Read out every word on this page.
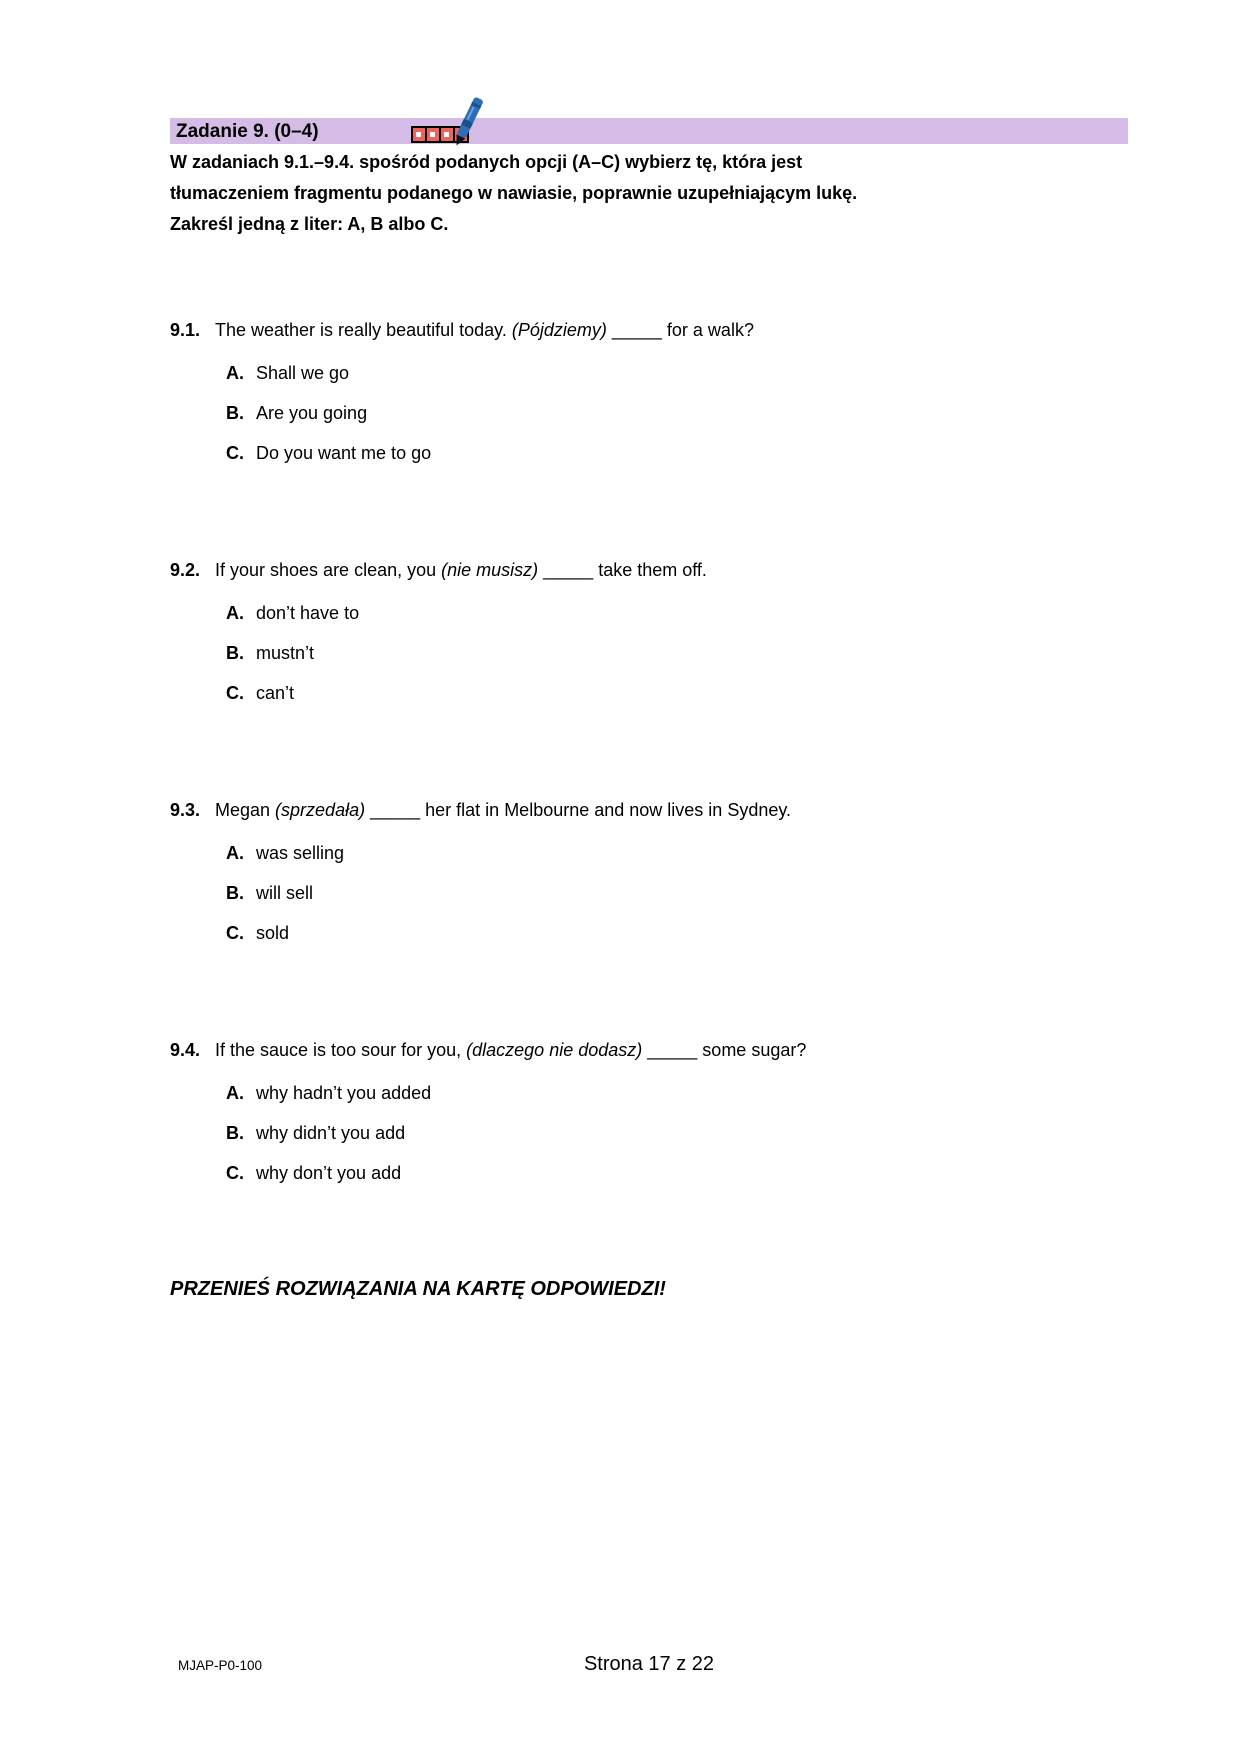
Zadanie 9. (0–4)
W zadaniach 9.1.–9.4. spośród podanych opcji (A–C) wybierz tę, która jest
tłumaczeniem fragmentu podanego w nawiasie, poprawnie uzupełniającym lukę.
Zakreśl jedną z liter: A, B albo C.
9.1. The weather is really beautiful today. (Pójdziemy) _____ for a walk?
A. Shall we go
B. Are you going
C. Do you want me to go
9.2. If your shoes are clean, you (nie musisz) _____ take them off.
A. don’t have to
B. mustn’t
C. can’t
9.3. Megan (sprzedała) _____ her flat in Melbourne and now lives in Sydney.
A. was selling
B. will sell
C. sold
9.4. If the sauce is too sour for you, (dlaczego nie dodasz) _____ some sugar?
A. why hadn’t you added
B. why didn’t you add
C. why don’t you add
PRZENIEŚ ROZWIĄZANIA NA KARTĘ ODPOWIEDZI!
MJAP-P0-100	Strona 17 z 22
